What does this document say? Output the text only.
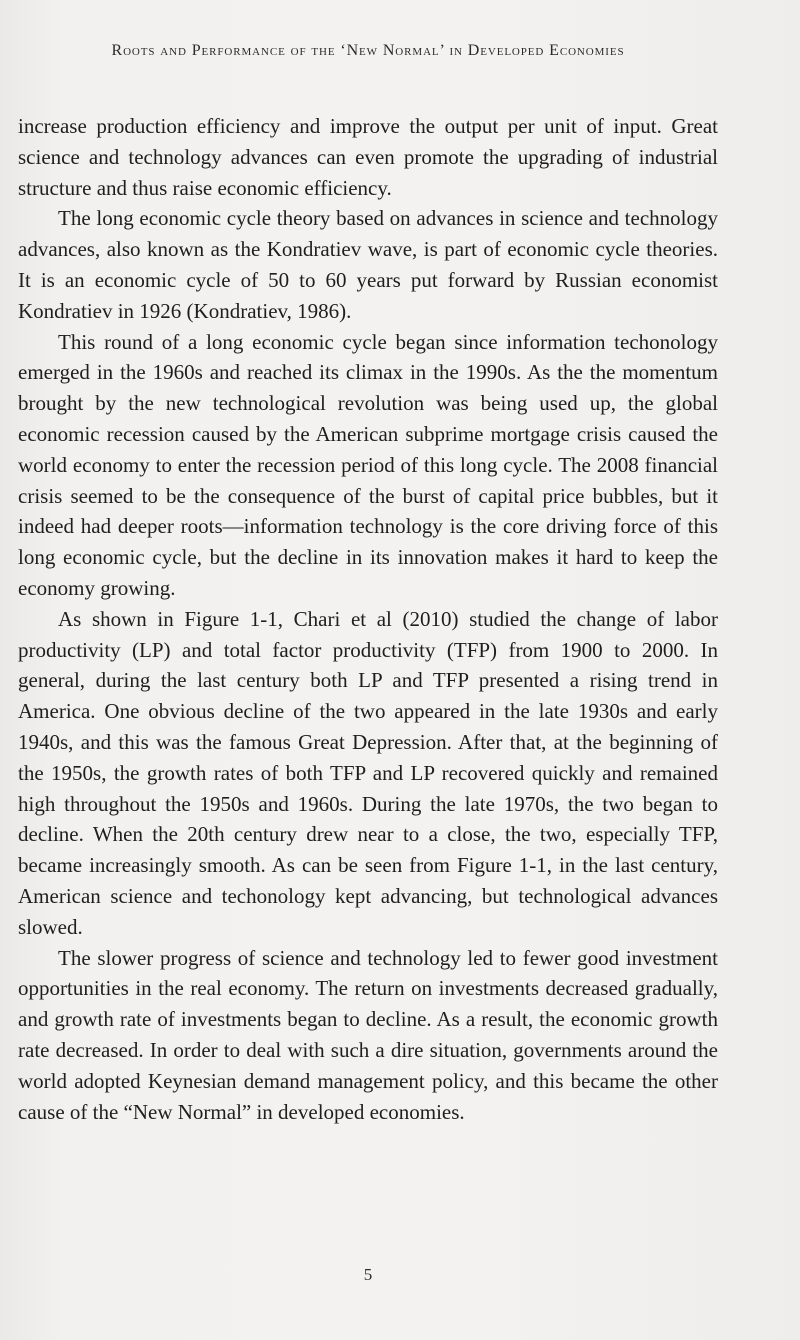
Roots and Performance of the ‘New Normal’ in Developed Economies

increase production efficiency and improve the output per unit of input. Great science and technology advances can even promote the upgrading of industrial structure and thus raise economic efficiency.

The long economic cycle theory based on advances in science and technology advances, also known as the Kondratiev wave, is part of economic cycle theories. It is an economic cycle of 50 to 60 years put forward by Russian economist Kondratiev in 1926 (Kondratiev, 1986).

This round of a long economic cycle began since information techonology emerged in the 1960s and reached its climax in the 1990s. As the the momentum brought by the new technological revolution was being used up, the global economic recession caused by the American subprime mortgage crisis caused the world economy to enter the recession period of this long cycle. The 2008 financial crisis seemed to be the consequence of the burst of capital price bubbles, but it indeed had deeper roots—information technology is the core driving force of this long economic cycle, but the decline in its innovation makes it hard to keep the economy growing.

As shown in Figure 1-1, Chari et al (2010) studied the change of labor productivity (LP) and total factor productivity (TFP) from 1900 to 2000. In general, during the last century both LP and TFP presented a rising trend in America. One obvious decline of the two appeared in the late 1930s and early 1940s, and this was the famous Great Depression. After that, at the beginning of the 1950s, the growth rates of both TFP and LP recovered quickly and remained high throughout the 1950s and 1960s. During the late 1970s, the two began to decline. When the 20th century drew near to a close, the two, especially TFP, became increasingly smooth. As can be seen from Figure 1-1, in the last century, American science and techonology kept advancing, but technological advances slowed.

The slower progress of science and technology led to fewer good investment opportunities in the real economy. The return on investments decreased gradually, and growth rate of investments began to decline. As a result, the economic growth rate decreased. In order to deal with such a dire situation, governments around the world adopted Keynesian demand management policy, and this became the other cause of the “New Normal” in developed economies.

5
